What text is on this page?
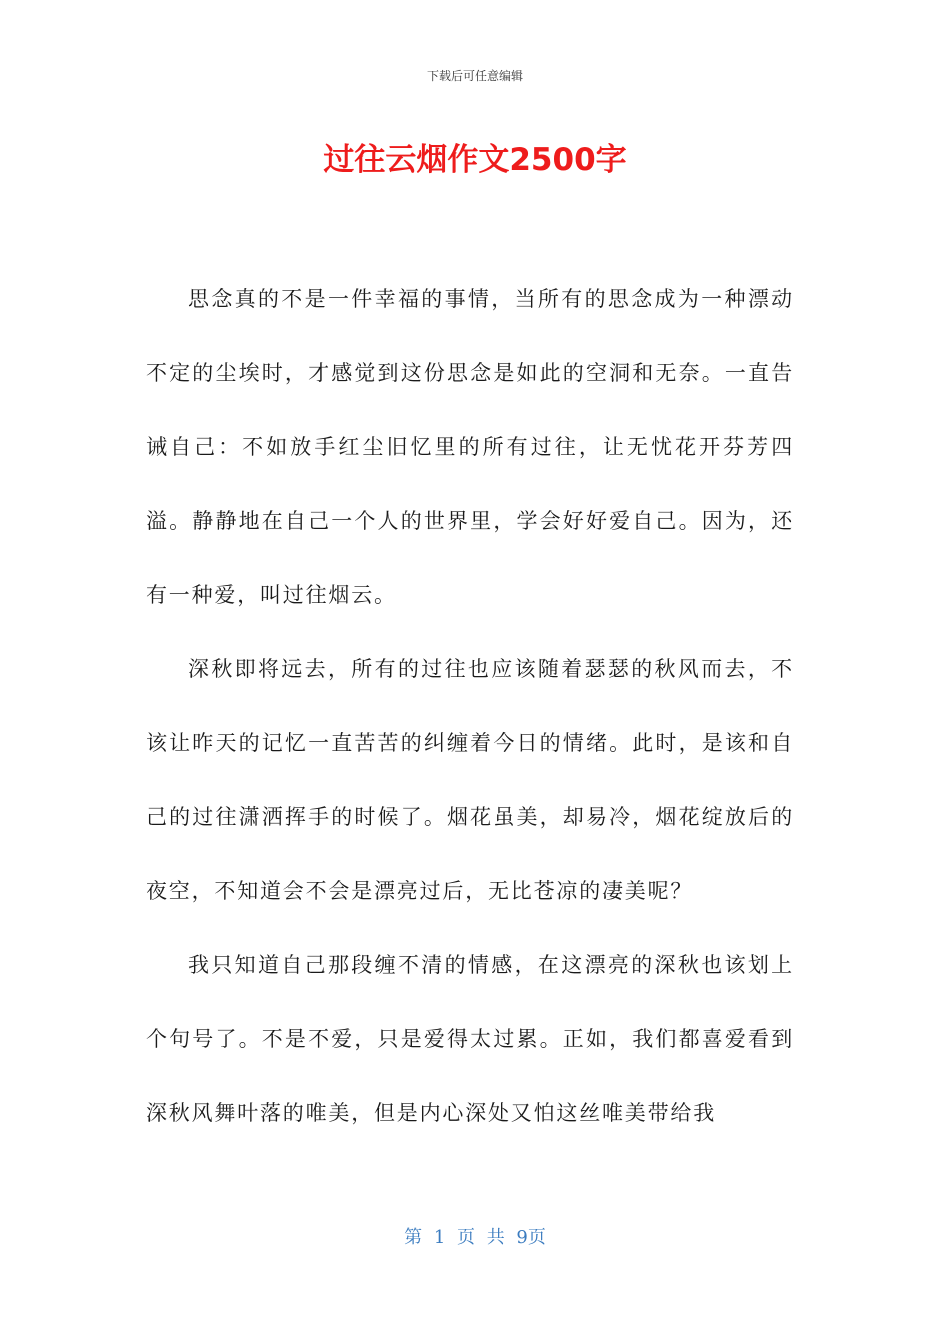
下载后可任意编辑
过往云烟作文2500字

思念真的不是一件幸福的事情，当所有的思念成为一种漂动不定的尘埃时，才感觉到这份思念是如此的空洞和无奈。一直告诫自己：不如放手红尘旧忆里的所有过往，让无忧花开芬芳四溢。静静地在自己一个人的世界里，学会好好爱自己。因为，还有一种爱，叫过往烟云。

深秋即将远去，所有的过往也应该随着瑟瑟的秋风而去，不该让昨天的记忆一直苦苦的纠缠着今日的情绪。此时，是该和自己的过往潇洒挥手的时候了。烟花虽美，却易冷，烟花绽放后的夜空，不知道会不会是漂亮过后，无比苍凉的凄美呢？

我只知道自己那段缠不清的情感，在这漂亮的深秋也该划上个句号了。不是不爱，只是爱得太过累。正如，我们都喜爱看到深秋风舞叶落的唯美，但是内心深处又怕这丝唯美带给我

第 1 页 共 9页
